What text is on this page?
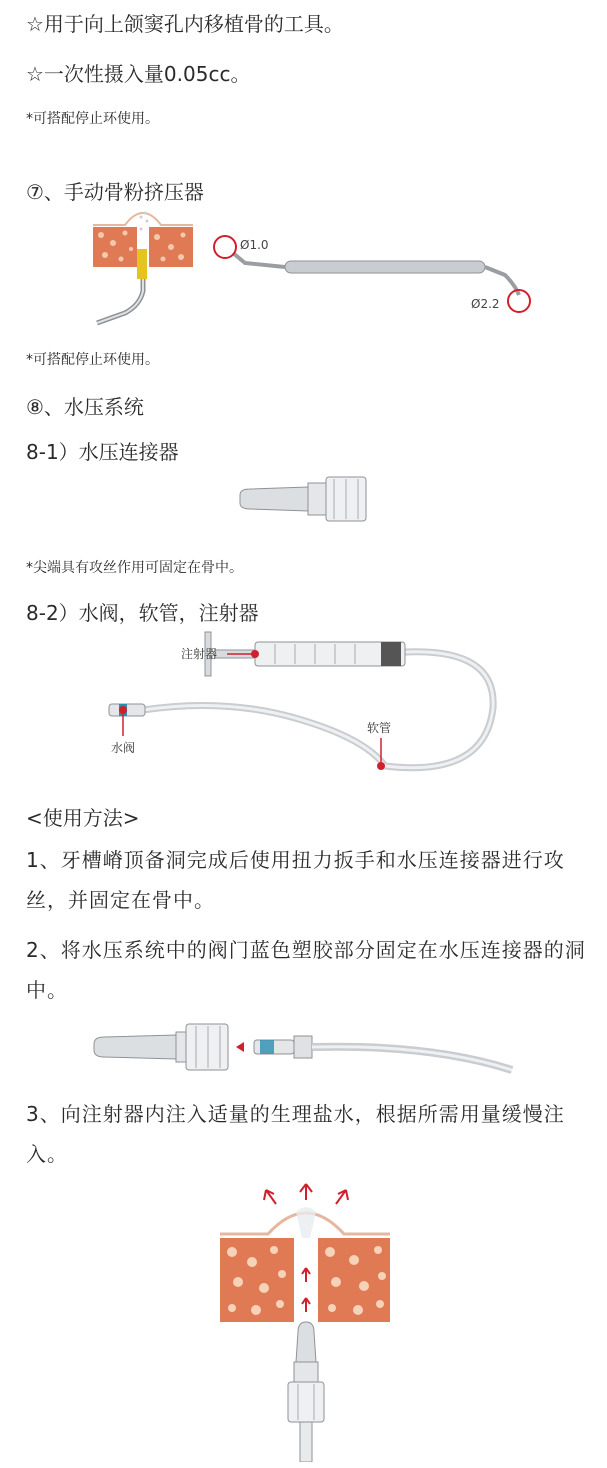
☆用于向上颌窦孔内移植骨的工具。
☆一次性摄入量0.05cc。
*可搭配停止环使用。
⑦、手动骨粉挤压器
Ø1.0
Ø2.2
*可搭配停止环使用。
⑧、水压系统
8-1）水压连接器
*尖端具有攻丝作用可固定在骨中。
8-2）水阀，软管，注射器
注射器
软管
水阀
<使用方法>
1、牙槽嵴顶备洞完成后使用扭力扳手和水压连接器进行攻丝，并固定在骨中。
2、将水压系统中的阀门蓝色塑胶部分固定在水压连接器的洞中。
3、向注射器内注入适量的生理盐水，根据所需用量缓慢注入。
